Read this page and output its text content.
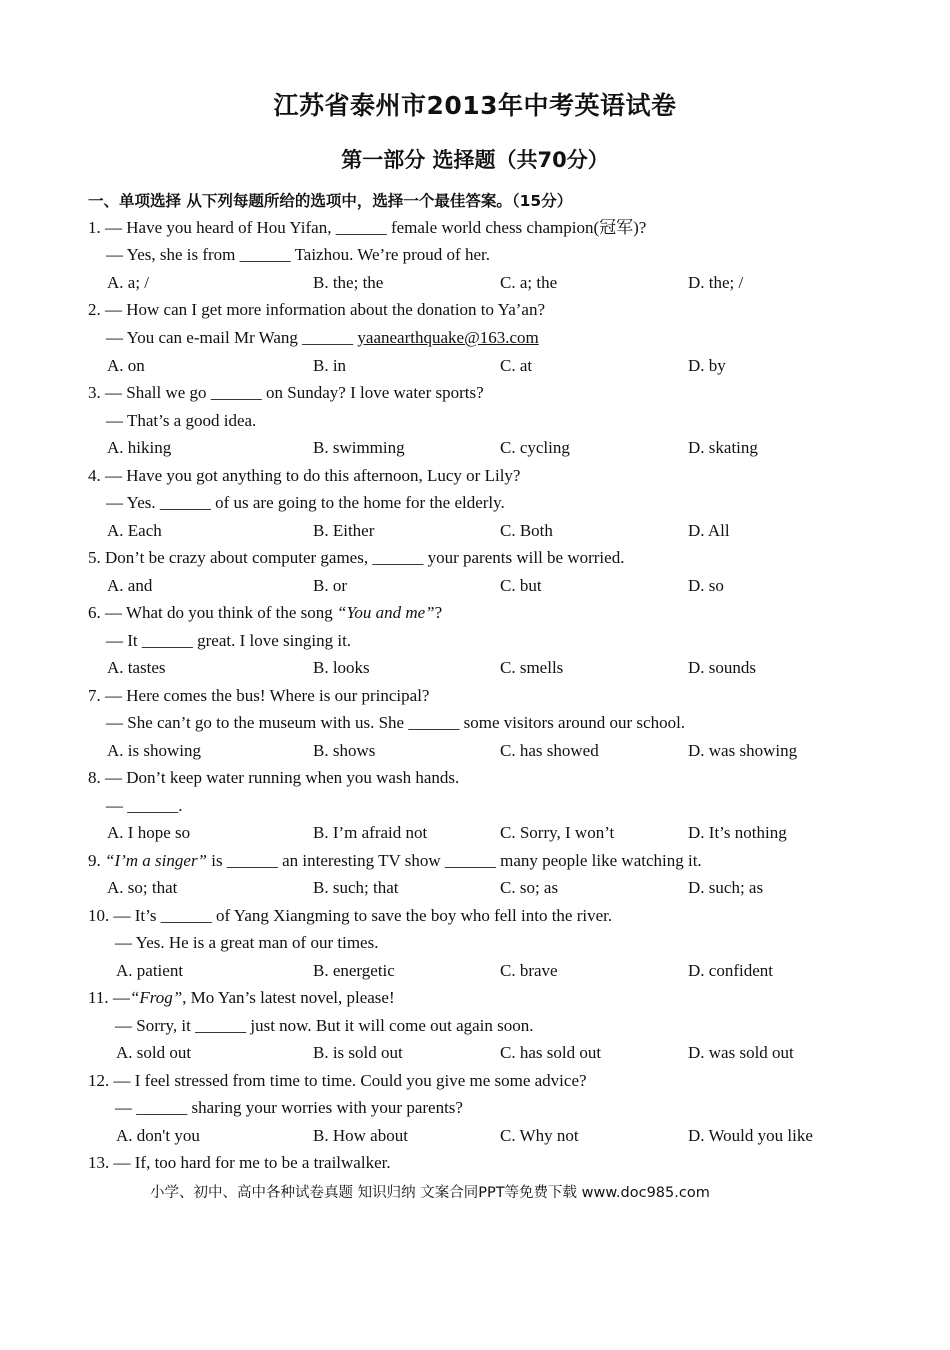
江苏省泰州市2013年中考英语试卷
第一部分 选择题（共70分）
一、单项选择 从下列每题所给的选项中，选择一个最佳答案。（15分）
1. — Have you heard of Hou Yifan, ______ female world chess champion(冠军)?
— Yes, she is from ______ Taizhou. We’re proud of her.
A. a; /	B. the; the	C. a; the	D. the; /
2. — How can I get more information about the donation to Ya’an?
— You can e-mail Mr Wang ______ yaanearthquake@163.com
A. on	B. in	C. at	D. by
3. — Shall we go ______ on Sunday? I love water sports?
— That’s a good idea.
A. hiking	B. swimming	C. cycling	D. skating
4. — Have you got anything to do this afternoon, Lucy or Lily?
— Yes. ______ of us are going to the home for the elderly.
A. Each	B. Either	C. Both	D. All
5. Don’t be crazy about computer games, ______ your parents will be worried.
A. and	B. or	C. but	D. so
6. — What do you think of the song “You and me”?
— It ______ great. I love singing it.
A. tastes	B. looks	C. smells	D. sounds
7. — Here comes the bus! Where is our principal?
— She can’t go to the museum with us. She ______ some visitors around our school.
A. is showing	B. shows	C. has showed	D. was showing
8. — Don’t keep water running when you wash hands.
— ______.
A. I hope so	B. I’m afraid not	C. Sorry, I won’t	D. It’s nothing
9. “I’m a singer” is ______ an interesting TV show ______ many people like watching it.
A. so; that	B. such; that	C. so; as	D. such; as
10. — It’s ______ of Yang Xiangming to save the boy who fell into the river.
— Yes. He is a great man of our times.
A. patient	B. energetic	C. brave	D. confident
11. —“Frog”, Mo Yan’s latest novel, please!
— Sorry, it ______ just now. But it will come out again soon.
A. sold out	B. is sold out	C. has sold out	D. was sold out
12. — I feel stressed from time to time. Could you give me some advice?
— ______ sharing your worries with your parents?
A. don't you	B. How about	C. Why not	D. Would you like
13. — If, too hard for me to be a trailwalker.
小学、初中、高中各种试卷真题 知识归纳 文案合同PPT等免费下载 www.doc985.com
